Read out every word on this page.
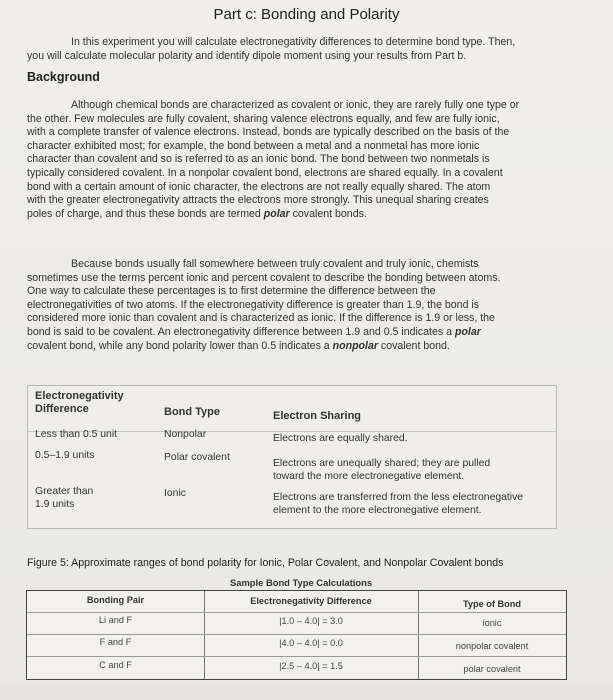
Part c: Bonding and Polarity
In this experiment you will calculate electronegativity differences to determine bond type. Then,
you will calculate molecular polarity and identify dipole moment using your results from Part b.
Background
Although chemical bonds are characterized as covalent or ionic, they are rarely fully one type or
the other. Few molecules are fully covalent, sharing valence electrons equally, and few are fully ionic,
with a complete transfer of valence electrons. Instead, bonds are typically described on the basis of the
character exhibited most; for example, the bond between a metal and a nonmetal has more ionic
character than covalent and so is referred to as an ionic bond. The bond between two nonmetals is
typically considered covalent. In a nonpolar covalent bond, electrons are shared equally. In a covalent
bond with a certain amount of ionic character, the electrons are not really equally shared. The atom
with the greater electronegativity attracts the electrons more strongly. This unequal sharing creates
poles of charge, and thus these bonds are termed polar covalent bonds.
Because bonds usually fall somewhere between truly covalent and truly ionic, chemists
sometimes use the terms percent ionic and percent covalent to describe the bonding between atoms.
One way to calculate these percentages is to first determine the difference between the
electronegativities of two atoms. If the electronegativity difference is greater than 1.9, the bond is
considered more ionic than covalent and is characterized as ionic. If the difference is 1.9 or less, the
bond is said to be covalent. An electronegativity difference between 1.9 and 0.5 indicates a polar
covalent bond, while any bond polarity lower than 0.5 indicates a nonpolar covalent bond.
Electronegativity
Difference	Bond Type	Electron Sharing
Less than 0.5 unit	Nonpolar	Electrons are equally shared.
0.5–1.9 units	Polar covalent
Electrons are unequally shared; they are pulled
toward the more electronegative element.
Greater than
1.9 units
Ionic	Electrons are transferred from the less electronegative
element to the more electronegative element.
Figure 5: Approximate ranges of bond polarity for Ionic, Polar Covalent, and Nonpolar Covalent bonds
Sample Bond Type Calculations
Bonding Pair	Electronegativity Difference	Type of Bond
Li and F	|1.0 – 4.0| = 3.0	ionic
F and F	|4.0 – 4.0| = 0.0	nonpolar covalent
C and F	|2.5 – 4.0| = 1.5	polar covalent
